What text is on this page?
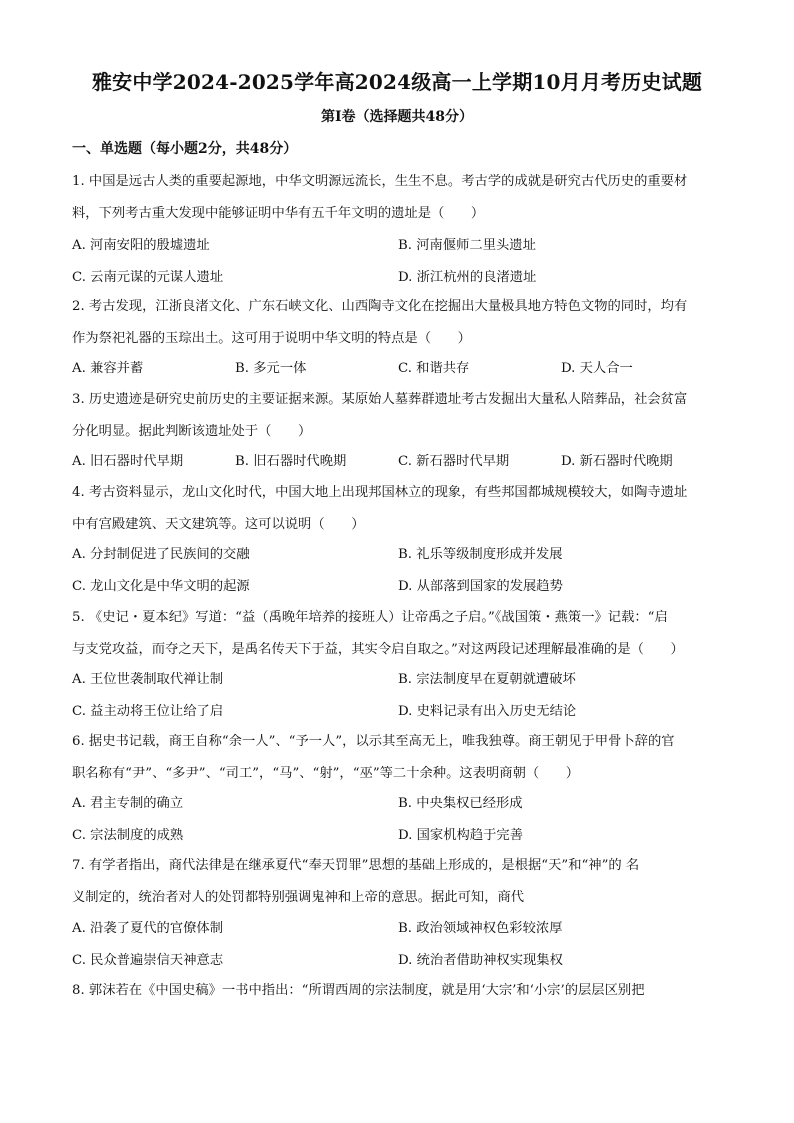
雅安中学2024-2025学年高2024级高一上学期10月月考历史试题
第Ⅰ卷（选择题共48分）
一、单选题（每小题2分，共48分）

1. 中国是远古人类的重要起源地，中华文明源远流长，生生不息。考古学的成就是研究古代历史的重要材

料，下列考古重大发现中能够证明中华有五千年文明的遗址是（　　）

A. 河南安阳的殷墟遗址	B. 河南偃师二里头遗址
C. 云南元谋的元谋人遗址	D. 浙江杭州的良渚遗址

2. 考古发现，江浙良渚文化、广东石峡文化、山西陶寺文化在挖掘出大量极具地方特色文物的同时，均有

作为祭祀礼器的玉琮出土。这可用于说明中华文明的特点是（　　）

A. 兼容并蓄	B. 多元一体	C. 和谐共存	D. 天人合一

3. 历史遗迹是研究史前历史的主要证据来源。某原始人墓葬群遗址考古发掘出大量私人陪葬品，社会贫富

分化明显。据此判断该遗址处于（　　）

A. 旧石器时代早期	B. 旧石器时代晚期	C. 新石器时代早期	D. 新石器时代晚期

4. 考古资料显示，龙山文化时代，中国大地上出现邦国林立的现象，有些邦国都城规模较大，如陶寺遗址

中有宫殿建筑、天文建筑等。这可以说明（　　）

A. 分封制促进了民族间的交融	B. 礼乐等级制度形成并发展
C. 龙山文化是中华文明的起源	D. 从部落到国家的发展趋势

5. 《史记・夏本纪》写道：“益（禹晚年培养的接班人）让帝禹之子启。”《战国策・燕策一》记载：“启

与支党攻益，而夺之天下，是禹名传天下于益，其实令启自取之。”对这两段记述理解最准确的是（　　）

A. 王位世袭制取代禅让制	B. 宗法制度早在夏朝就遭破坏
C. 益主动将王位让给了启	D. 史料记录有出入历史无结论

6. 据史书记载，商王自称“余一人”、“予一人”，以示其至高无上，唯我独尊。商王朝见于甲骨卜辞的官

职名称有“尹”、“多尹”、“司工”，“马”、“射”，“巫”等二十余种。这表明商朝（　　）

A. 君主专制的确立	B. 中央集权已经形成
C. 宗法制度的成熟	D. 国家机构趋于完善

7. 有学者指出，商代法律是在继承夏代“奉天罚罪”思想的基础上形成的，是根据“天”和“神”的 名

义制定的，统治者对人的处罚都特别强调鬼神和上帝的意思。据此可知，商代

A. 沿袭了夏代的官僚体制	B. 政治领域神权色彩较浓厚
C. 民众普遍崇信天神意志	D. 统治者借助神权实现集权

8. 郭沫若在《中国史稿》一书中指出：“所谓西周的宗法制度，就是用‘大宗’和‘小宗’的层层区别把
